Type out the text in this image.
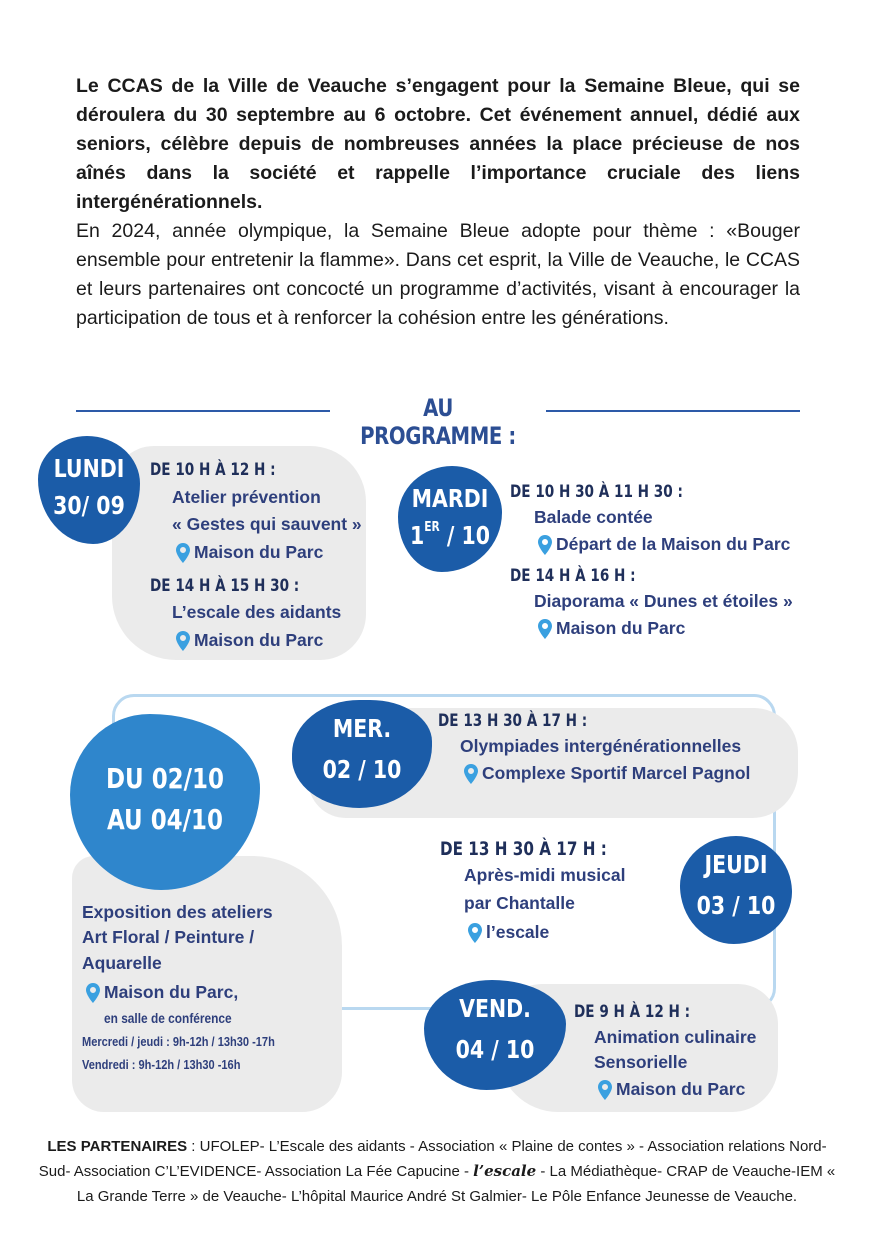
Le CCAS de la Ville de Veauche s’engagent pour la Semaine Bleue, qui se déroulera du 30 septembre au 6 octobre. Cet événement annuel, dédié aux seniors, célèbre depuis de nombreuses années la place précieuse de nos aînés dans la société et rappelle l’importance cruciale des liens intergénérationnels.

En 2024, année olympique, la Semaine Bleue adopte pour thème : «Bouger ensemble pour entretenir la flamme». Dans cet esprit, la Ville de Veauche, le CCAS et leurs partenaires ont concocté un programme d’activités, visant à encourager la participation de tous et à renforcer la cohésion entre les générations.

AU PROGRAMME :
LUNDI
30/ 09
DE 10 H À 12 H :
Atelier prévention
« Gestes qui sauvent »
Maison du Parc
DE 14 H À 15 H 30 :
L’escale des aidants
Maison du Parc
MARDI
1ER / 10
DE 10 H 30 À 11 H 30 :
Balade contée
Départ de la Maison du Parc
DE 14 H À 16 H :
Diaporama « Dunes et étoiles »
Maison du Parc
MER.
02 / 10
DE 13 H 30 À 17 H :
Olympiades intergénérationnelles
Complexe Sportif Marcel Pagnol
DU 02/10
AU 04/10
Exposition des ateliers
Art Floral / Peinture /
Aquarelle
Maison du Parc,
en salle de conférence
Mercredi / jeudi : 9h-12h / 13h30 -17h
Vendredi : 9h-12h / 13h30 -16h
JEUDI
03 / 10
DE 13 H 30 À 17 H :
Après-midi musical
par Chantalle
l’escale
VEND.
04 / 10
DE 9 H À 12 H :
Animation culinaire
Sensorielle
Maison du Parc
LES PARTENAIRES : UFOLEP- L’Escale des aidants - Association « Plaine de contes » - Association relations Nord-Sud- Association C’L’EVIDENCE- Association La Fée Capucine - l’escale - La Médiathèque- CRAP de Veauche-IEM « La Grande Terre » de Veauche- L’hôpital Maurice André St Galmier- Le Pôle Enfance Jeunesse de Veauche.
